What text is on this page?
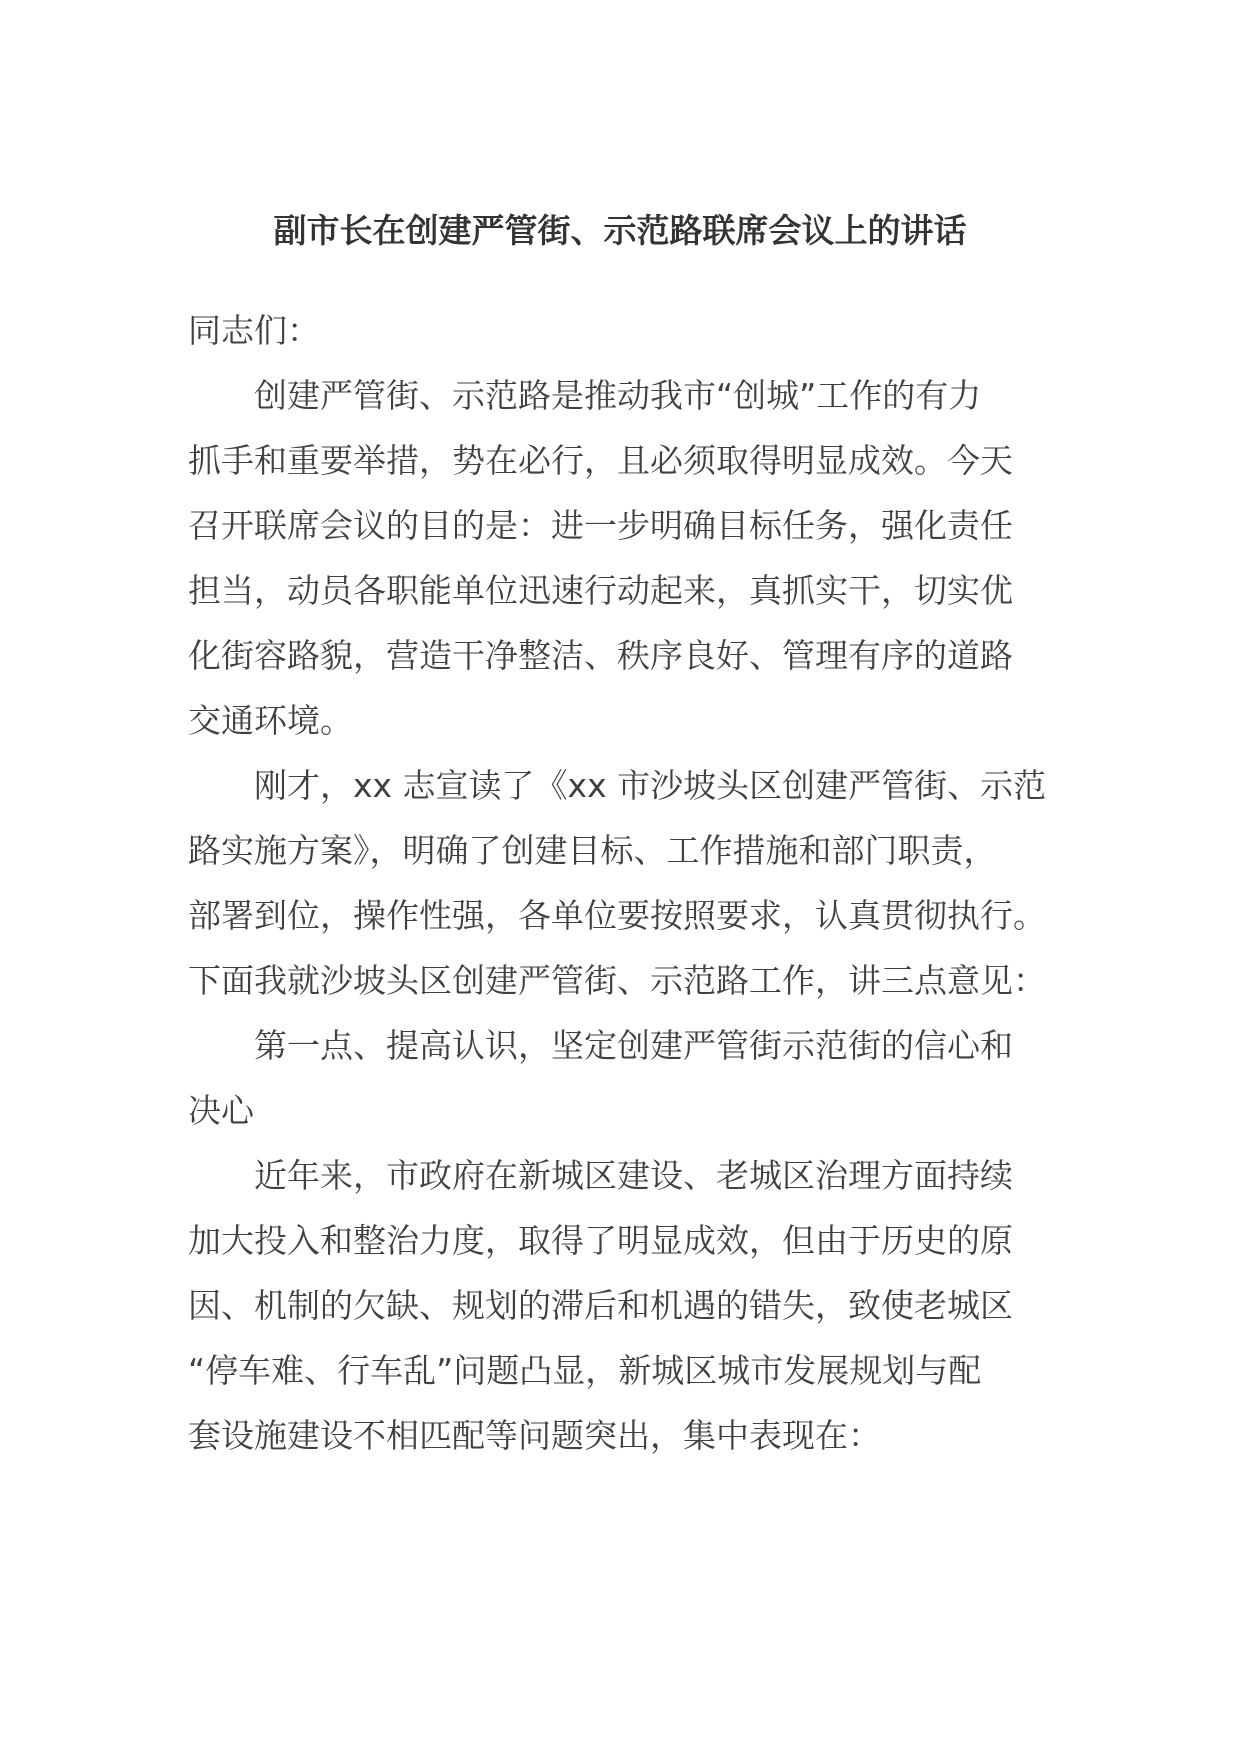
副市长在创建严管街、示范路联席会议上的讲话
同志们：
创建严管街、示范路是推动我市“创城”工作的有力
抓手和重要举措，势在必行，且必须取得明显成效。今天
召开联席会议的目的是：进一步明确目标任务，强化责任
担当，动员各职能单位迅速行动起来，真抓实干，切实优
化街容路貌，营造干净整洁、秩序良好、管理有序的道路
交通环境。
刚才，xx 志宣读了《xx 市沙坡头区创建严管街、示范
路实施方案》，明确了创建目标、工作措施和部门职责，
部署到位，操作性强，各单位要按照要求，认真贯彻执行。
下面我就沙坡头区创建严管街、示范路工作，讲三点意见：
第一点、提高认识，坚定创建严管街示范街的信心和
决心
近年来，市政府在新城区建设、老城区治理方面持续
加大投入和整治力度，取得了明显成效，但由于历史的原
因、机制的欠缺、规划的滞后和机遇的错失，致使老城区
“停车难、行车乱”问题凸显，新城区城市发展规划与配
套设施建设不相匹配等问题突出，集中表现在：
